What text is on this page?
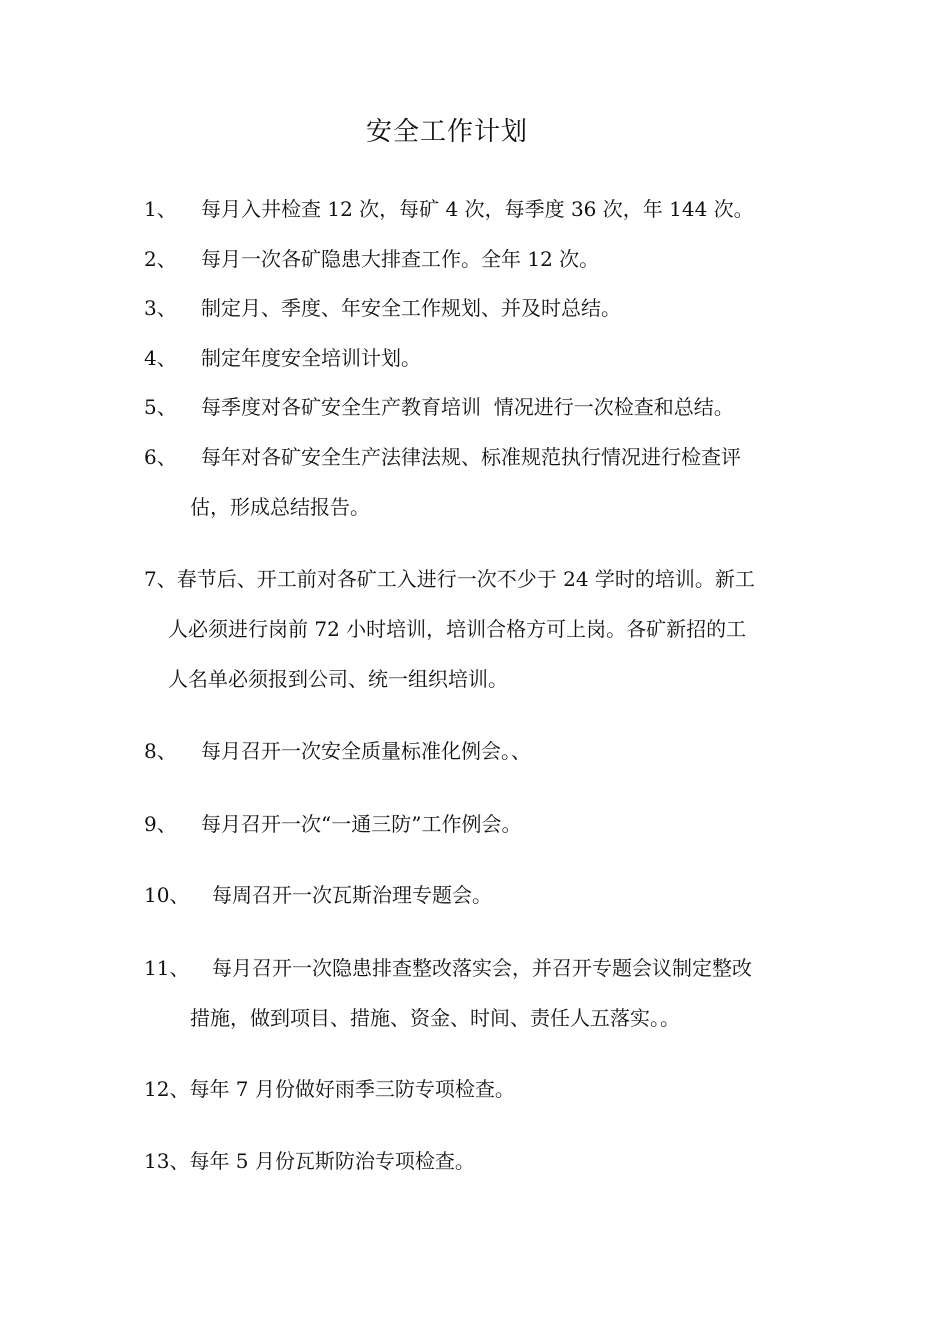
安全工作计划
1、 每月入井检查 12 次，每矿 4 次，每季度 36 次，年 144 次。
2、 每月一次各矿隐患大排查工作。全年 12 次。
3、 制定月、季度、年安全工作规划、并及时总结。
4、 制定年度安全培训计划。
5、 每季度对各矿安全生产教育培训  情况进行一次检查和总结。
6、 每年对各矿安全生产法律法规、标准规范执行情况进行检查评
估，形成总结报告。
7、春节后、开工前对各矿工入进行一次不少于 24 学时的培训。新工
人必须进行岗前 72 小时培训，培训合格方可上岗。各矿新招的工
人名单必须报到公司、统一组织培训。
8、 每月召开一次安全质量标准化例会。、
9、 每月召开一次“一通三防”工作例会。
10、 每周召开一次瓦斯治理专题会。
11、 每月召开一次隐患排查整改落实会，并召开专题会议制定整改
措施，做到项目、措施、资金、时间、责任人五落实。。
12、每年 7 月份做好雨季三防专项检查。
13、每年 5 月份瓦斯防治专项检查。
